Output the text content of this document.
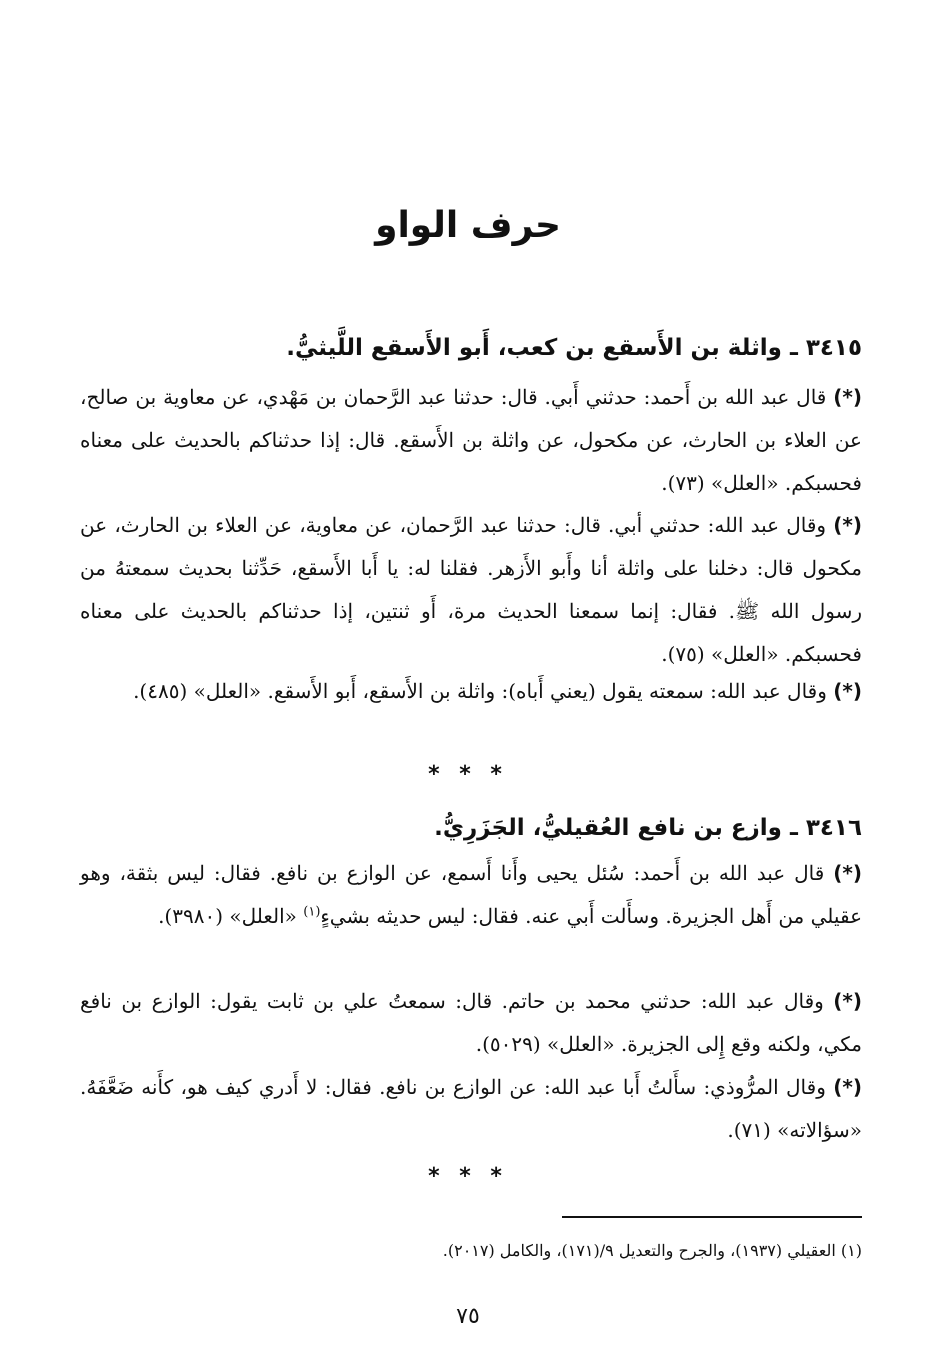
حرف الواو
٣٤١٥ ـ واثلة بن الأَسقع بن كعب، أَبو الأَسقع اللَّيثيُّ.

(*) قال عبد الله بن أَحمد: حدثني أَبي. قال: حدثنا عبد الرَّحمان بن مَهْدي، عن معاوية بن صالح، عن العلاء بن الحارث، عن مكحول، عن واثلة بن الأَسقع. قال: إذا حدثناكم بالحديث على معناه فحسبكم. «العلل» (٧٣).

(*) وقال عبد الله: حدثني أبي. قال: حدثنا عبد الرَّحمان، عن معاوية، عن العلاء بن الحارث، عن مكحول قال: دخلنا على واثلة أنا وأَبو الأَزهر. فقلنا له: يا أَبا الأَسقع، حَدِّثنا بحديث سمعتهُ من رسول الله ﷺ. فقال: إنما سمعنا الحديث مرة، أَو ثنتين، إذا حدثناكم بالحديث على معناه فحسبكم. «العلل» (٧٥).

(*) وقال عبد الله: سمعته يقول (يعني أَباه): واثلة بن الأَسقع، أَبو الأَسقع. «العلل» (٤٨٥).

* * *
٣٤١٦ ـ وازع بن نافع العُقيليُّ، الجَزَرِيُّ.

(*) قال عبد الله بن أَحمد: سُئل يحيى وأَنا أَسمع، عن الوازع بن نافع. فقال: ليس بثقة، وهو عقيلي من أَهل الجزيرة. وسأَلت أَبي عنه. فقال: ليس حديثه بشيءٍ$^{(١)}$ «العلل» (٣٩٨٠).

(*) وقال عبد الله: حدثني محمد بن حاتم. قال: سمعتُ علي بن ثابت يقول: الوازع بن نافع مكي، ولكنه وقع إِلى الجزيرة. «العلل» (٥٠٢٩).

(*) وقال المرُّوذي: سأَلتُ أَبا عبد الله: عن الوازع بن نافع. فقال: لا أَدري كيف هو، كأَنه ضَعَّفَهُ. «سؤالاته» (٧١).

* * *
(١) العقيلي (١٩٣٧)، والجرح والتعديل ٩/(١٧١)، والكامل (٢٠١٧).
٧٥
